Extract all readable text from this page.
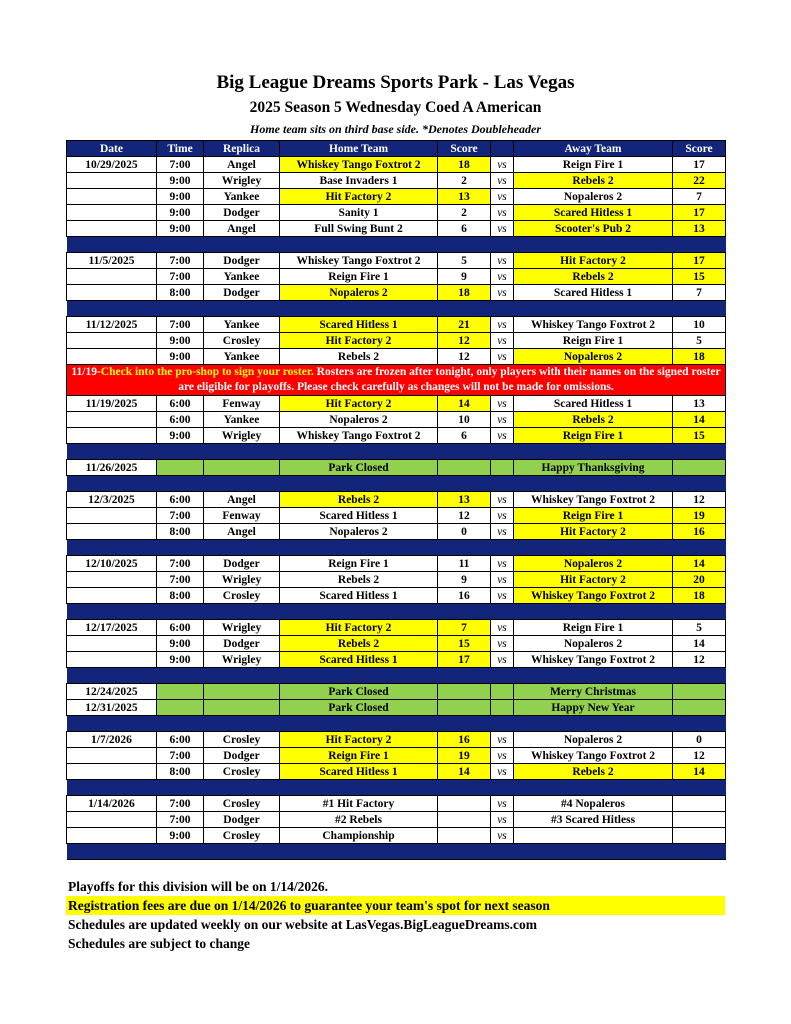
Big League Dreams Sports Park - Las Vegas
2025 Season 5 Wednesday Coed A American
Home team sits on third base side. *Denotes Doubleheader
Date	Time	Replica	Home Team	Score		Away Team	Score
10/29/2025	7:00	Angel	Whiskey Tango Foxtrot 2	18	vs	Reign Fire 1	17
	9:00	Wrigley	Base Invaders 1	2	vs	Rebels 2	22
	9:00	Yankee	Hit Factory 2	13	vs	Nopaleros 2	7
	9:00	Dodger	Sanity 1	2	vs	Scared Hitless 1	17
	9:00	Angel	Full Swing Bunt 2	6	vs	Scooter's Pub 2	13

11/5/2025	7:00	Dodger	Whiskey Tango Foxtrot 2	5	vs	Hit Factory 2	17
	7:00	Yankee	Reign Fire 1	9	vs	Rebels 2	15
	8:00	Dodger	Nopaleros 2	18	vs	Scared Hitless 1	7

11/12/2025	7:00	Yankee	Scared Hitless 1	21	vs	Whiskey Tango Foxtrot 2	10
	9:00	Crosley	Hit Factory 2	12	vs	Reign Fire 1	5
	9:00	Yankee	Rebels 2	12	vs	Nopaleros 2	18
11/19-Check into the pro-shop to sign your roster. Rosters are frozen after tonight, only players with their names on the signed roster are eligible for playoffs. Please check carefully as changes will not be made for omissions.							
11/19/2025	6:00	Fenway	Hit Factory 2	14	vs	Scared Hitless 1	13
	6:00	Yankee	Nopaleros 2	10	vs	Rebels 2	14
	9:00	Wrigley	Whiskey Tango Foxtrot 2	6	vs	Reign Fire 1	15

11/26/2025			Park Closed			Happy Thanksgiving	

12/3/2025	6:00	Angel	Rebels 2	13	vs	Whiskey Tango Foxtrot 2	12
	7:00	Fenway	Scared Hitless 1	12	vs	Reign Fire 1	19
	8:00	Angel	Nopaleros 2	0	vs	Hit Factory 2	16

12/10/2025	7:00	Dodger	Reign Fire 1	11	vs	Nopaleros 2	14
	7:00	Wrigley	Rebels 2	9	vs	Hit Factory 2	20
	8:00	Crosley	Scared Hitless 1	16	vs	Whiskey Tango Foxtrot 2	18

12/17/2025	6:00	Wrigley	Hit Factory 2	7	vs	Reign Fire 1	5
	9:00	Dodger	Rebels 2	15	vs	Nopaleros 2	14
	9:00	Wrigley	Scared Hitless 1	17	vs	Whiskey Tango Foxtrot 2	12

12/24/2025			Park Closed			Merry Christmas	
12/31/2025			Park Closed			Happy New Year	

1/7/2026	6:00	Crosley	Hit Factory 2	16	vs	Nopaleros 2	0
	7:00	Dodger	Reign Fire 1	19	vs	Whiskey Tango Foxtrot 2	12
	8:00	Crosley	Scared Hitless 1	14	vs	Rebels 2	14

1/14/2026	7:00	Crosley	#1 Hit Factory		vs	#4 Nopaleros	
	7:00	Dodger	#2 Rebels		vs	#3 Scared Hitless	
	9:00	Crosley	Championship		vs		

Playoffs for this division will be on 1/14/2026.
Registration fees are due on 1/14/2026 to guarantee your team's spot for next season
Schedules are updated weekly on our website at LasVegas.BigLeagueDreams.com
Schedules are subject to change
